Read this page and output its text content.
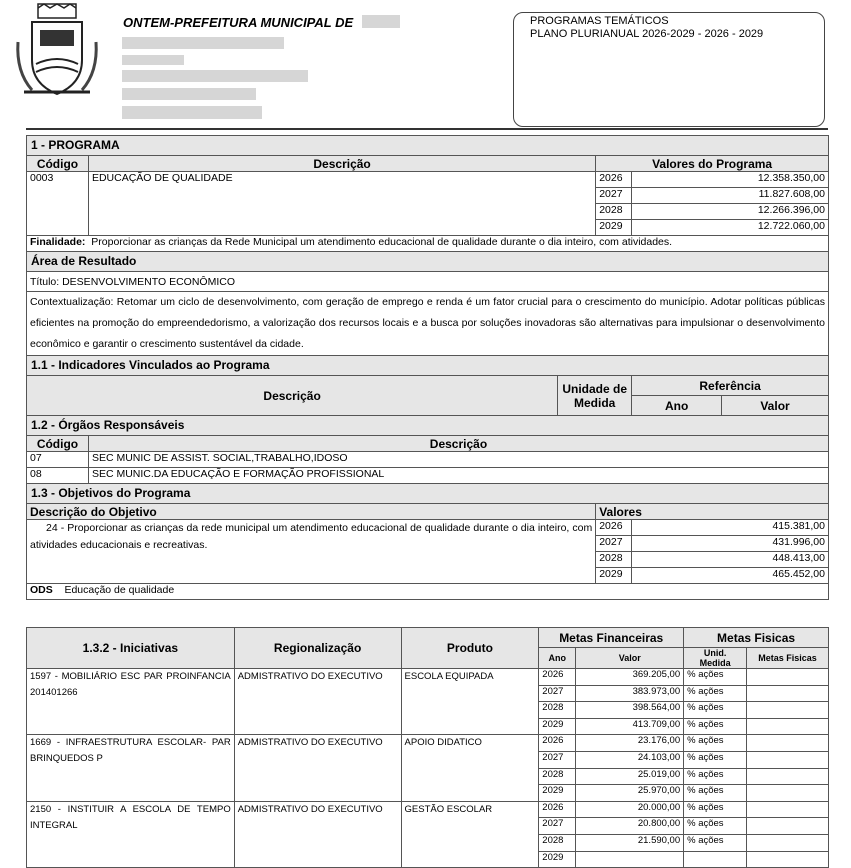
ONTEM-PREFEITURA MUNICIPAL DE	PROGRAMAS TEMÁTICOS
PLANO PLURIANUAL 2026-2029 - 2026 - 2029
1 - PROGRAMA					
Código	Descrição		Valores do Programa		
0003	EDUCAÇÃO DE QUALIDADE		2026	12.358.350,00	
			2027	11.827.608,00	
			2028	12.266.396,00	
			2029	12.722.060,00	
Finalidade: Proporcionar as crianças da Rede Municipal um atendimento educacional de qualidade durante o dia inteiro, com atividades.					
Área de Resultado					
Título: DESENVOLVIMENTO ECONÔMICO					
Contextualização: Retomar um ciclo de desenvolvimento, com geração de emprego e renda é um fator crucial para o crescimento do município. Adotar políticas públicas eficientes na promoção do empreendedorismo, a valorização dos recursos locais e a busca por soluções inovadoras são alternativas para impulsionar o desenvolvimento econômico e garantir o crescimento sustentável da cidade.					
1.1 - Indicadores Vinculados ao Programa					
Descrição		Unidade de Medida		Referência	
				Ano	Valor
1.2 - Órgãos Responsáveis					
Código	Descrição				
07	SEC MUNIC DE ASSIST. SOCIAL,TRABALHO,IDOSO				
08	SEC MUNIC.DA EDUCAÇÃO E FORMAÇÃO PROFISSIONAL				
1.3 - Objetivos do Programa					
Descrição do Objetivo			Valores		
24 - Proporcionar as crianças da rede municipal um atendimento educacional de qualidade durante o dia inteiro, com atividades educacionais e recreativas.			2026	415.381,00	
			2027	431.996,00	
			2028	448.413,00	
			2029	465.452,00	
ODS Educação de qualidade					
1.3.2 - Iniciativas	Regionalização	Produto	Metas Financeiras		Metas Fisicas	
			Ano	Valor	Unid. Medida	Metas Fisicas
1597 - MOBILIÁRIO ESC PAR PROINFANCIA 201401266	ADMISTRATIVO DO EXECUTIVO	ESCOLA EQUIPADA	2026	369.205,00	% ações	
			2027	383.973,00	% ações	
			2028	398.564,00	% ações	
			2029	413.709,00	% ações	
1669 - INFRAESTRUTURA ESCOLAR- PAR BRINQUEDOS P	ADMISTRATIVO DO EXECUTIVO	APOIO DIDATICO	2026	23.176,00	% ações	
			2027	24.103,00	% ações	
			2028	25.019,00	% ações	
			2029	25.970,00	% ações	
2150 - INSTITUIR A ESCOLA DE TEMPO INTEGRAL	ADMISTRATIVO DO EXECUTIVO	GESTÃO ESCOLAR	2026	20.000,00	% ações	
			2027	20.800,00	% ações	
			2028	21.590,00	% ações	
			2029			
